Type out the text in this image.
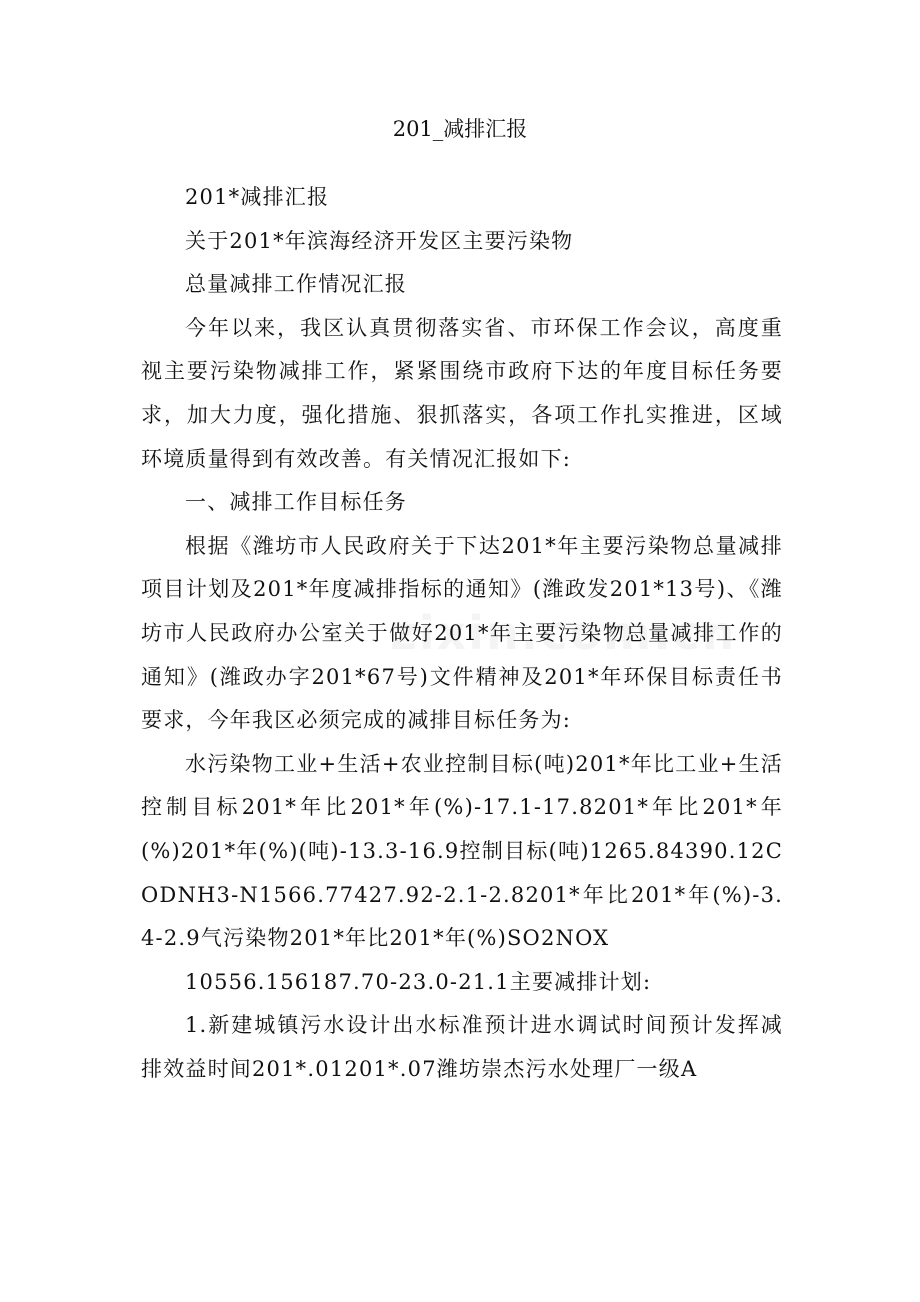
201_减排汇报

201*减排汇报

关于201*年滨海经济开发区主要污染物

总量减排工作情况汇报

今年以来，我区认真贯彻落实省、市环保工作会议，高度重视主要污染物减排工作，紧紧围绕市政府下达的年度目标任务要求，加大力度，强化措施、狠抓落实，各项工作扎实推进，区域环境质量得到有效改善。有关情况汇报如下:

一、减排工作目标任务

根据《潍坊市人民政府关于下达201*年主要污染物总量减排项目计划及201*年度减排指标的通知》(潍政发201*13号)、《潍坊市人民政府办公室关于做好201*年主要污染物总量减排工作的通知》(潍政办字201*67号)文件精神及201*年环保目标责任书要求，今年我区必须完成的减排目标任务为:

水污染物工业+生活+农业控制目标(吨)201*年比工业+生活控制目标201*年比201*年(%)-17.1-17.8201*年比201*年(%)201*年(%)(吨)-13.3-16.9控制目标(吨)1265.84390.12CODNH3-N1566.77427.92-2.1-2.8201*年比201*年(%)-3.4-2.9气污染物201*年比201*年(%)SO2NOX

10556.156187.70-23.0-21.1主要减排计划:

1.新建城镇污水设计出水标准预计进水调试时间预计发挥减排效益时间201*.01201*.07潍坊崇杰污水处理厂一级A
